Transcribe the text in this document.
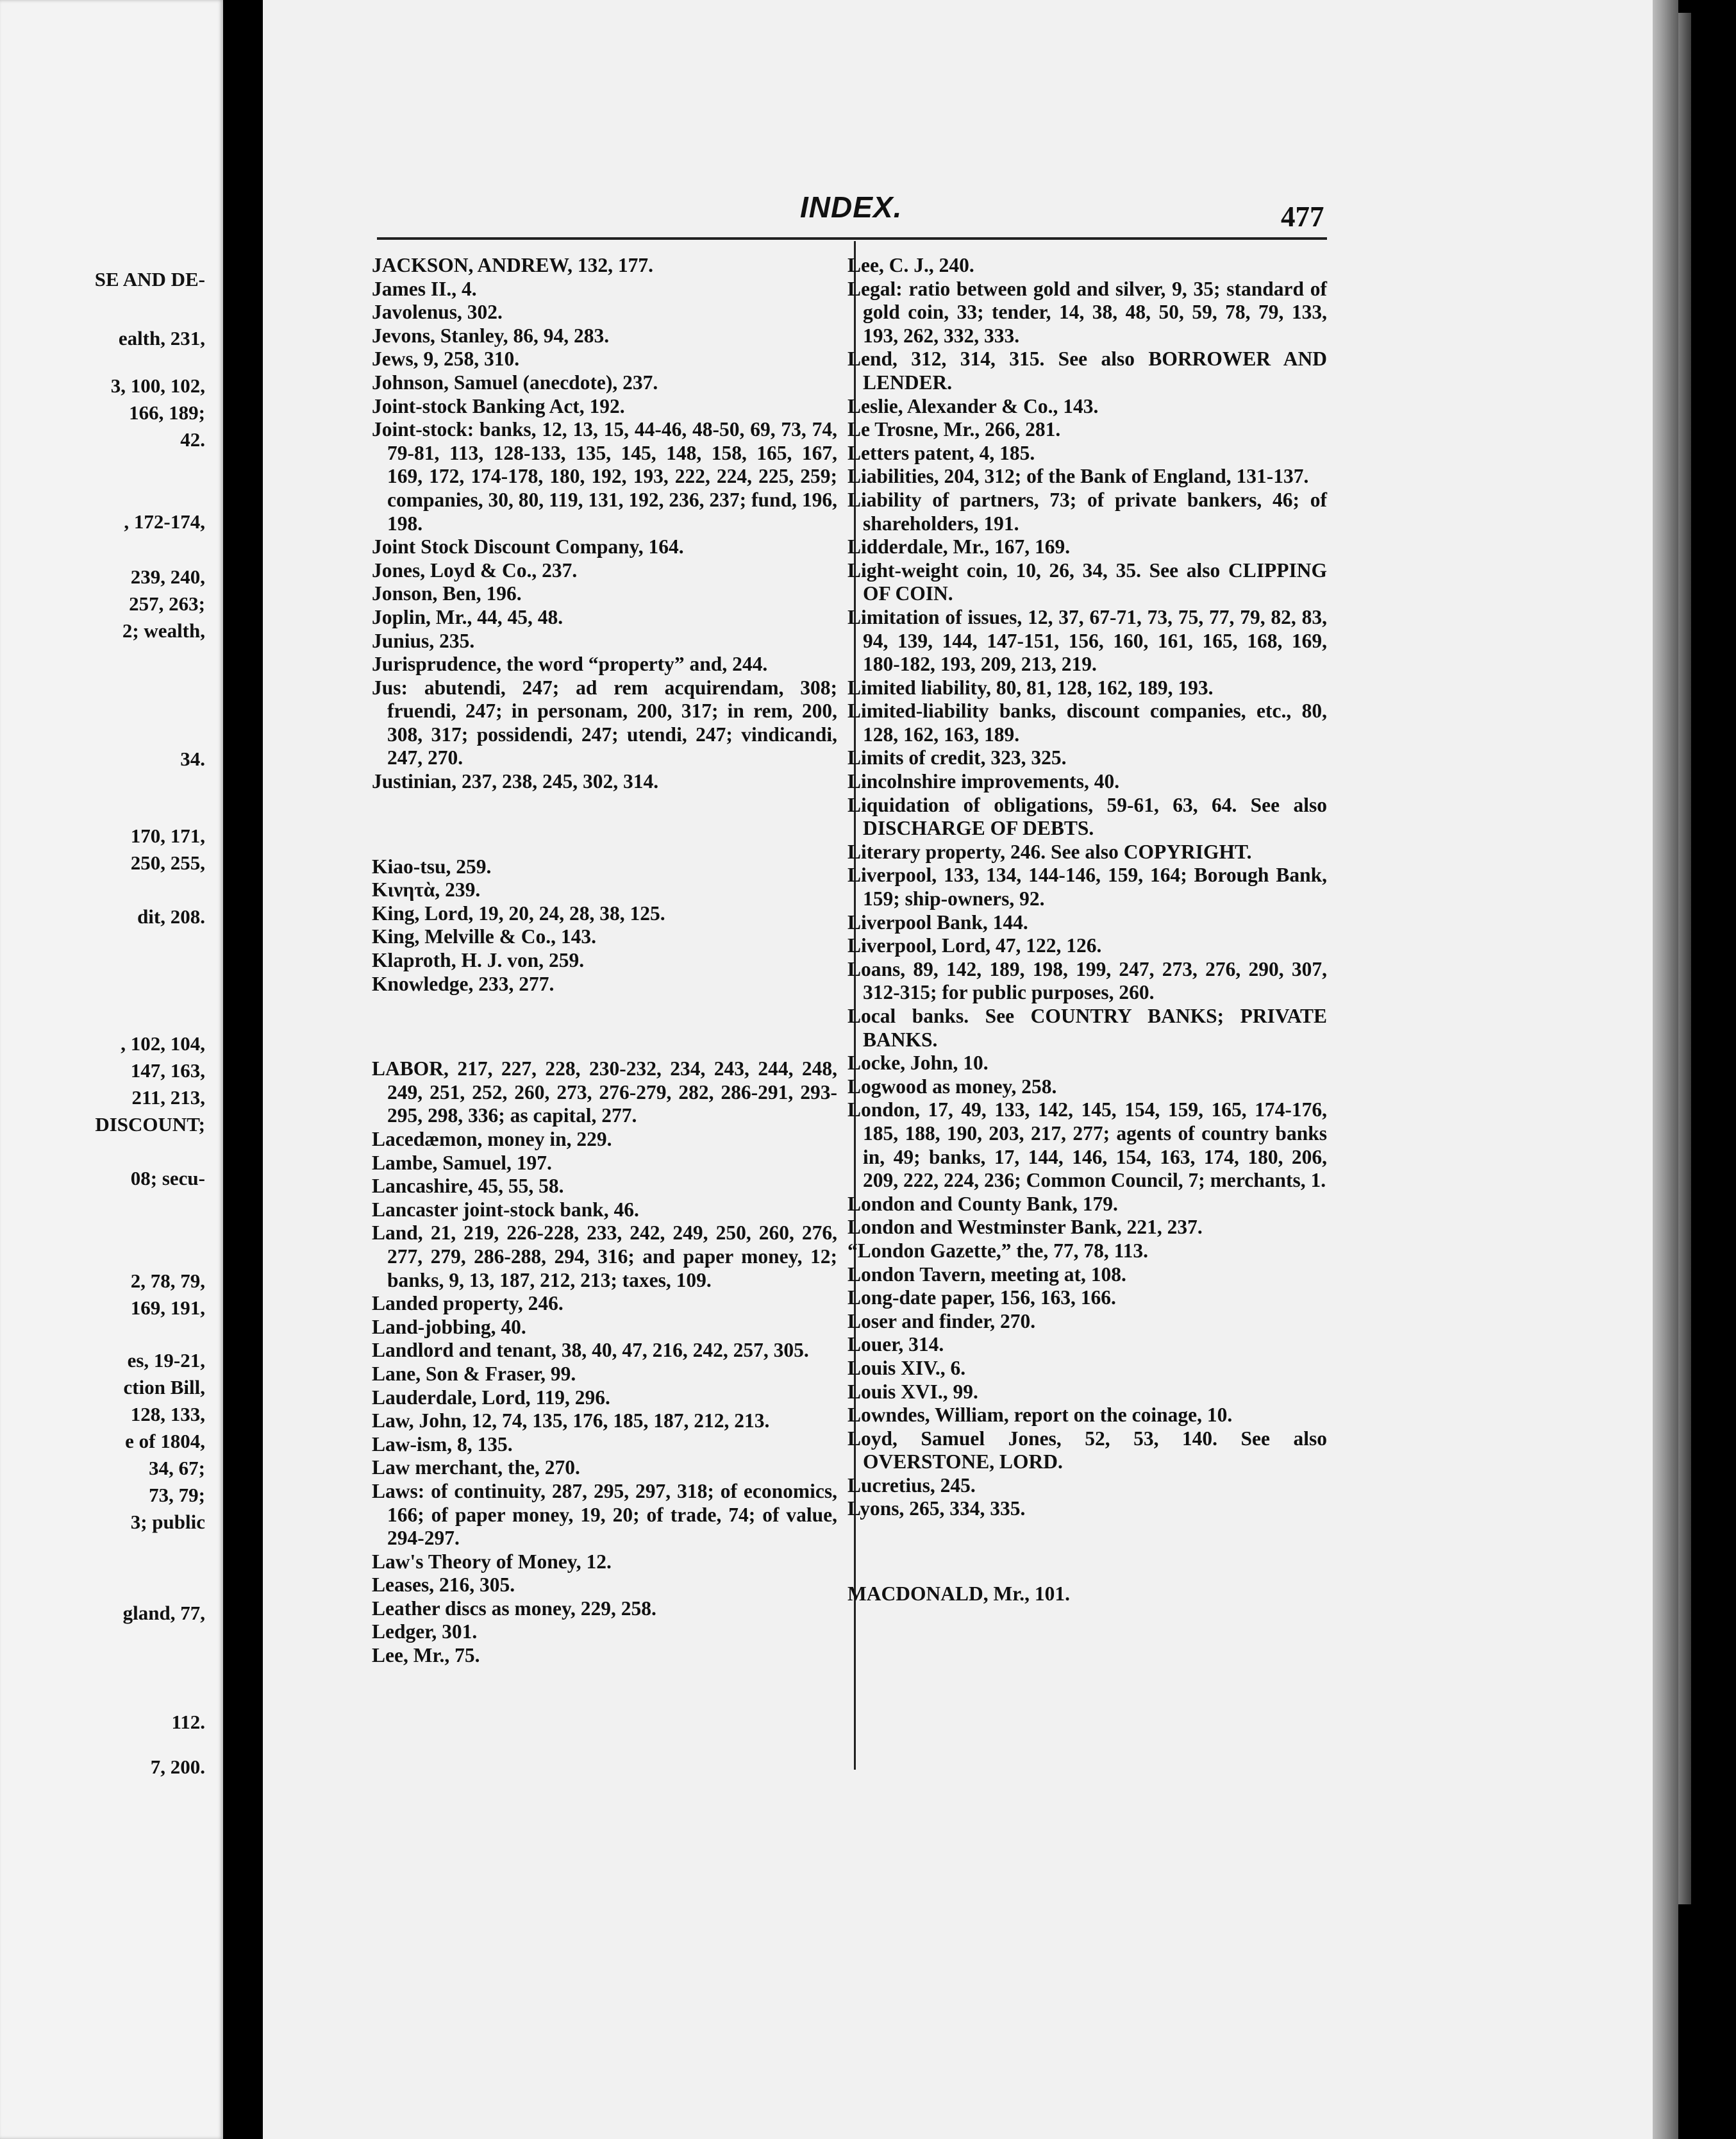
SE AND DE-
ealth, 231,
3, 100, 102,
166, 189;
42.
, 172-174,
239, 240,
257, 263;
2; wealth,
34.
170, 171,
250, 255,
dit, 208.
, 102, 104,
147, 163,
211, 213,
DISCOUNT;
08; secu-
2, 78, 79,
169, 191,
es, 19-21,
ction Bill,
128, 133,
e of 1804,
34, 67;
73, 79;
3; public
gland, 77,
112.
7, 200.
INDEX.	477

JACKSON, ANDREW, 132, 177.

James II., 4.

Javolenus, 302.

Jevons, Stanley, 86, 94, 283.

Jews, 9, 258, 310.

Johnson, Samuel (anecdote), 237.

Joint-stock Banking Act, 192.

Joint-stock: banks, 12, 13, 15, 44-46, 48-50, 69, 73, 74, 79-81, 113, 128-133, 135, 145, 148, 158, 165, 167, 169, 172, 174-178, 180, 192, 193, 222, 224, 225, 259; companies, 30, 80, 119, 131, 192, 236, 237; fund, 196, 198.

Joint Stock Discount Company, 164.

Jones, Loyd & Co., 237.

Jonson, Ben, 196.

Joplin, Mr., 44, 45, 48.

Junius, 235.

Jurisprudence, the word “property” and, 244.

Jus: abutendi, 247; ad rem acquirendam, 308; fruendi, 247; in personam, 200, 317; in rem, 200, 308, 317; possidendi, 247; utendi, 247; vindicandi, 247, 270.

Justinian, 237, 238, 245, 302, 314.

Kiao-tsu, 259.

Κινητὰ, 239.

King, Lord, 19, 20, 24, 28, 38, 125.

King, Melville & Co., 143.

Klaproth, H. J. von, 259.

Knowledge, 233, 277.

LABOR, 217, 227, 228, 230-232, 234, 243, 244, 248, 249, 251, 252, 260, 273, 276-279, 282, 286-291, 293-295, 298, 336; as capital, 277.

Lacedæmon, money in, 229.

Lambe, Samuel, 197.

Lancashire, 45, 55, 58.

Lancaster joint-stock bank, 46.

Land, 21, 219, 226-228, 233, 242, 249, 250, 260, 276, 277, 279, 286-288, 294, 316; and paper money, 12; banks, 9, 13, 187, 212, 213; taxes, 109.

Landed property, 246.

Land-jobbing, 40.

Landlord and tenant, 38, 40, 47, 216, 242, 257, 305.

Lane, Son & Fraser, 99.

Lauderdale, Lord, 119, 296.

Law, John, 12, 74, 135, 176, 185, 187, 212, 213.

Law-ism, 8, 135.

Law merchant, the, 270.

Laws: of continuity, 287, 295, 297, 318; of economics, 166; of paper money, 19, 20; of trade, 74; of value, 294-297.

Law's Theory of Money, 12.

Leases, 216, 305.

Leather discs as money, 229, 258.

Ledger, 301.

Lee, Mr., 75.

Lee, C. J., 240.

Legal: ratio between gold and silver, 9, 35; standard of gold coin, 33; tender, 14, 38, 48, 50, 59, 78, 79, 133, 193, 262, 332, 333.

Lend, 312, 314, 315. See also BORROWER AND LENDER.

Leslie, Alexander & Co., 143.

Le Trosne, Mr., 266, 281.

Letters patent, 4, 185.

Liabilities, 204, 312; of the Bank of England, 131-137.

Liability of partners, 73; of private bankers, 46; of shareholders, 191.

Lidderdale, Mr., 167, 169.

Light-weight coin, 10, 26, 34, 35. See also CLIPPING OF COIN.

Limitation of issues, 12, 37, 67-71, 73, 75, 77, 79, 82, 83, 94, 139, 144, 147-151, 156, 160, 161, 165, 168, 169, 180-182, 193, 209, 213, 219.

Limited liability, 80, 81, 128, 162, 189, 193.

Limited-liability banks, discount companies, etc., 80, 128, 162, 163, 189.

Limits of credit, 323, 325.

Lincolnshire improvements, 40.

Liquidation of obligations, 59-61, 63, 64. See also DISCHARGE OF DEBTS.

Literary property, 246. See also COPYRIGHT.

Liverpool, 133, 134, 144-146, 159, 164; Borough Bank, 159; ship-owners, 92.

Liverpool Bank, 144.

Liverpool, Lord, 47, 122, 126.

Loans, 89, 142, 189, 198, 199, 247, 273, 276, 290, 307, 312-315; for public purposes, 260.

Local banks. See COUNTRY BANKS; PRIVATE BANKS.

Locke, John, 10.

Logwood as money, 258.

London, 17, 49, 133, 142, 145, 154, 159, 165, 174-176, 185, 188, 190, 203, 217, 277; agents of country banks in, 49; banks, 17, 144, 146, 154, 163, 174, 180, 206, 209, 222, 224, 236; Common Council, 7; merchants, 1.

London and County Bank, 179.

London and Westminster Bank, 221, 237.

“London Gazette,” the, 77, 78, 113.

London Tavern, meeting at, 108.

Long-date paper, 156, 163, 166.

Loser and finder, 270.

Louer, 314.

Louis XIV., 6.

Louis XVI., 99.

Lowndes, William, report on the coinage, 10.

Loyd, Samuel Jones, 52, 53, 140. See also OVERSTONE, LORD.

Lucretius, 245.

Lyons, 265, 334, 335.

MACDONALD, Mr., 101.
